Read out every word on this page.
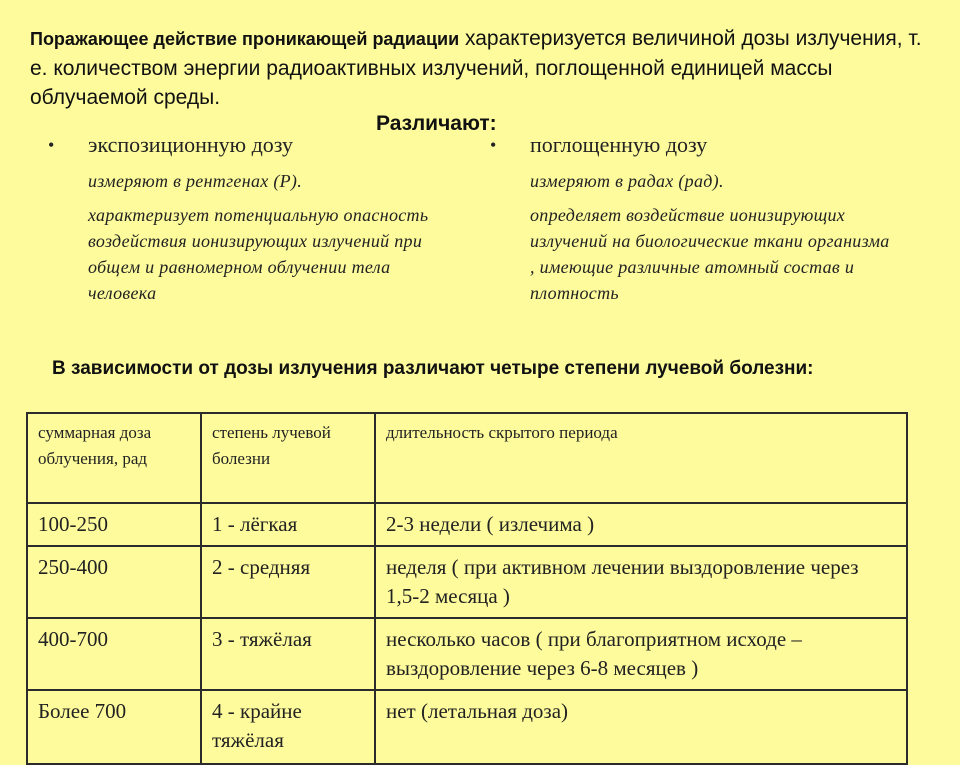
Поражающее действие проникающей радиации характеризуется величиной дозы излучения, т. е. количеством энергии радиоактивных излучений, поглощенной единицей массы облучаемой среды.
Различают:
•	экспозиционную дозу
измеряют в рентгенах (Р).
характеризует потенциальную опасность воздействия ионизирующих излучений при общем и равномерном облучении тела человека
•	поглощенную дозу
измеряют в радах (рад).
определяет воздействие ионизирующих излучений на биологические ткани организма , имеющие различные атомный состав и плотность
В зависимости от дозы излучения различают четыре степени лучевой болезни:
суммарная доза облучения, рад	степень лучевой болезни	длительность скрытого периода
100-250	1 - лёгкая	2-3 недели ( излечима )
250-400	2 - средняя	неделя ( при активном лечении выздоровление через 1,5-2 месяца )
400-700	3 - тяжёлая	несколько часов ( при благоприятном исходе – выздоровление через 6-8 месяцев )
Более 700	4 - крайне тяжёлая	нет (летальная доза)
